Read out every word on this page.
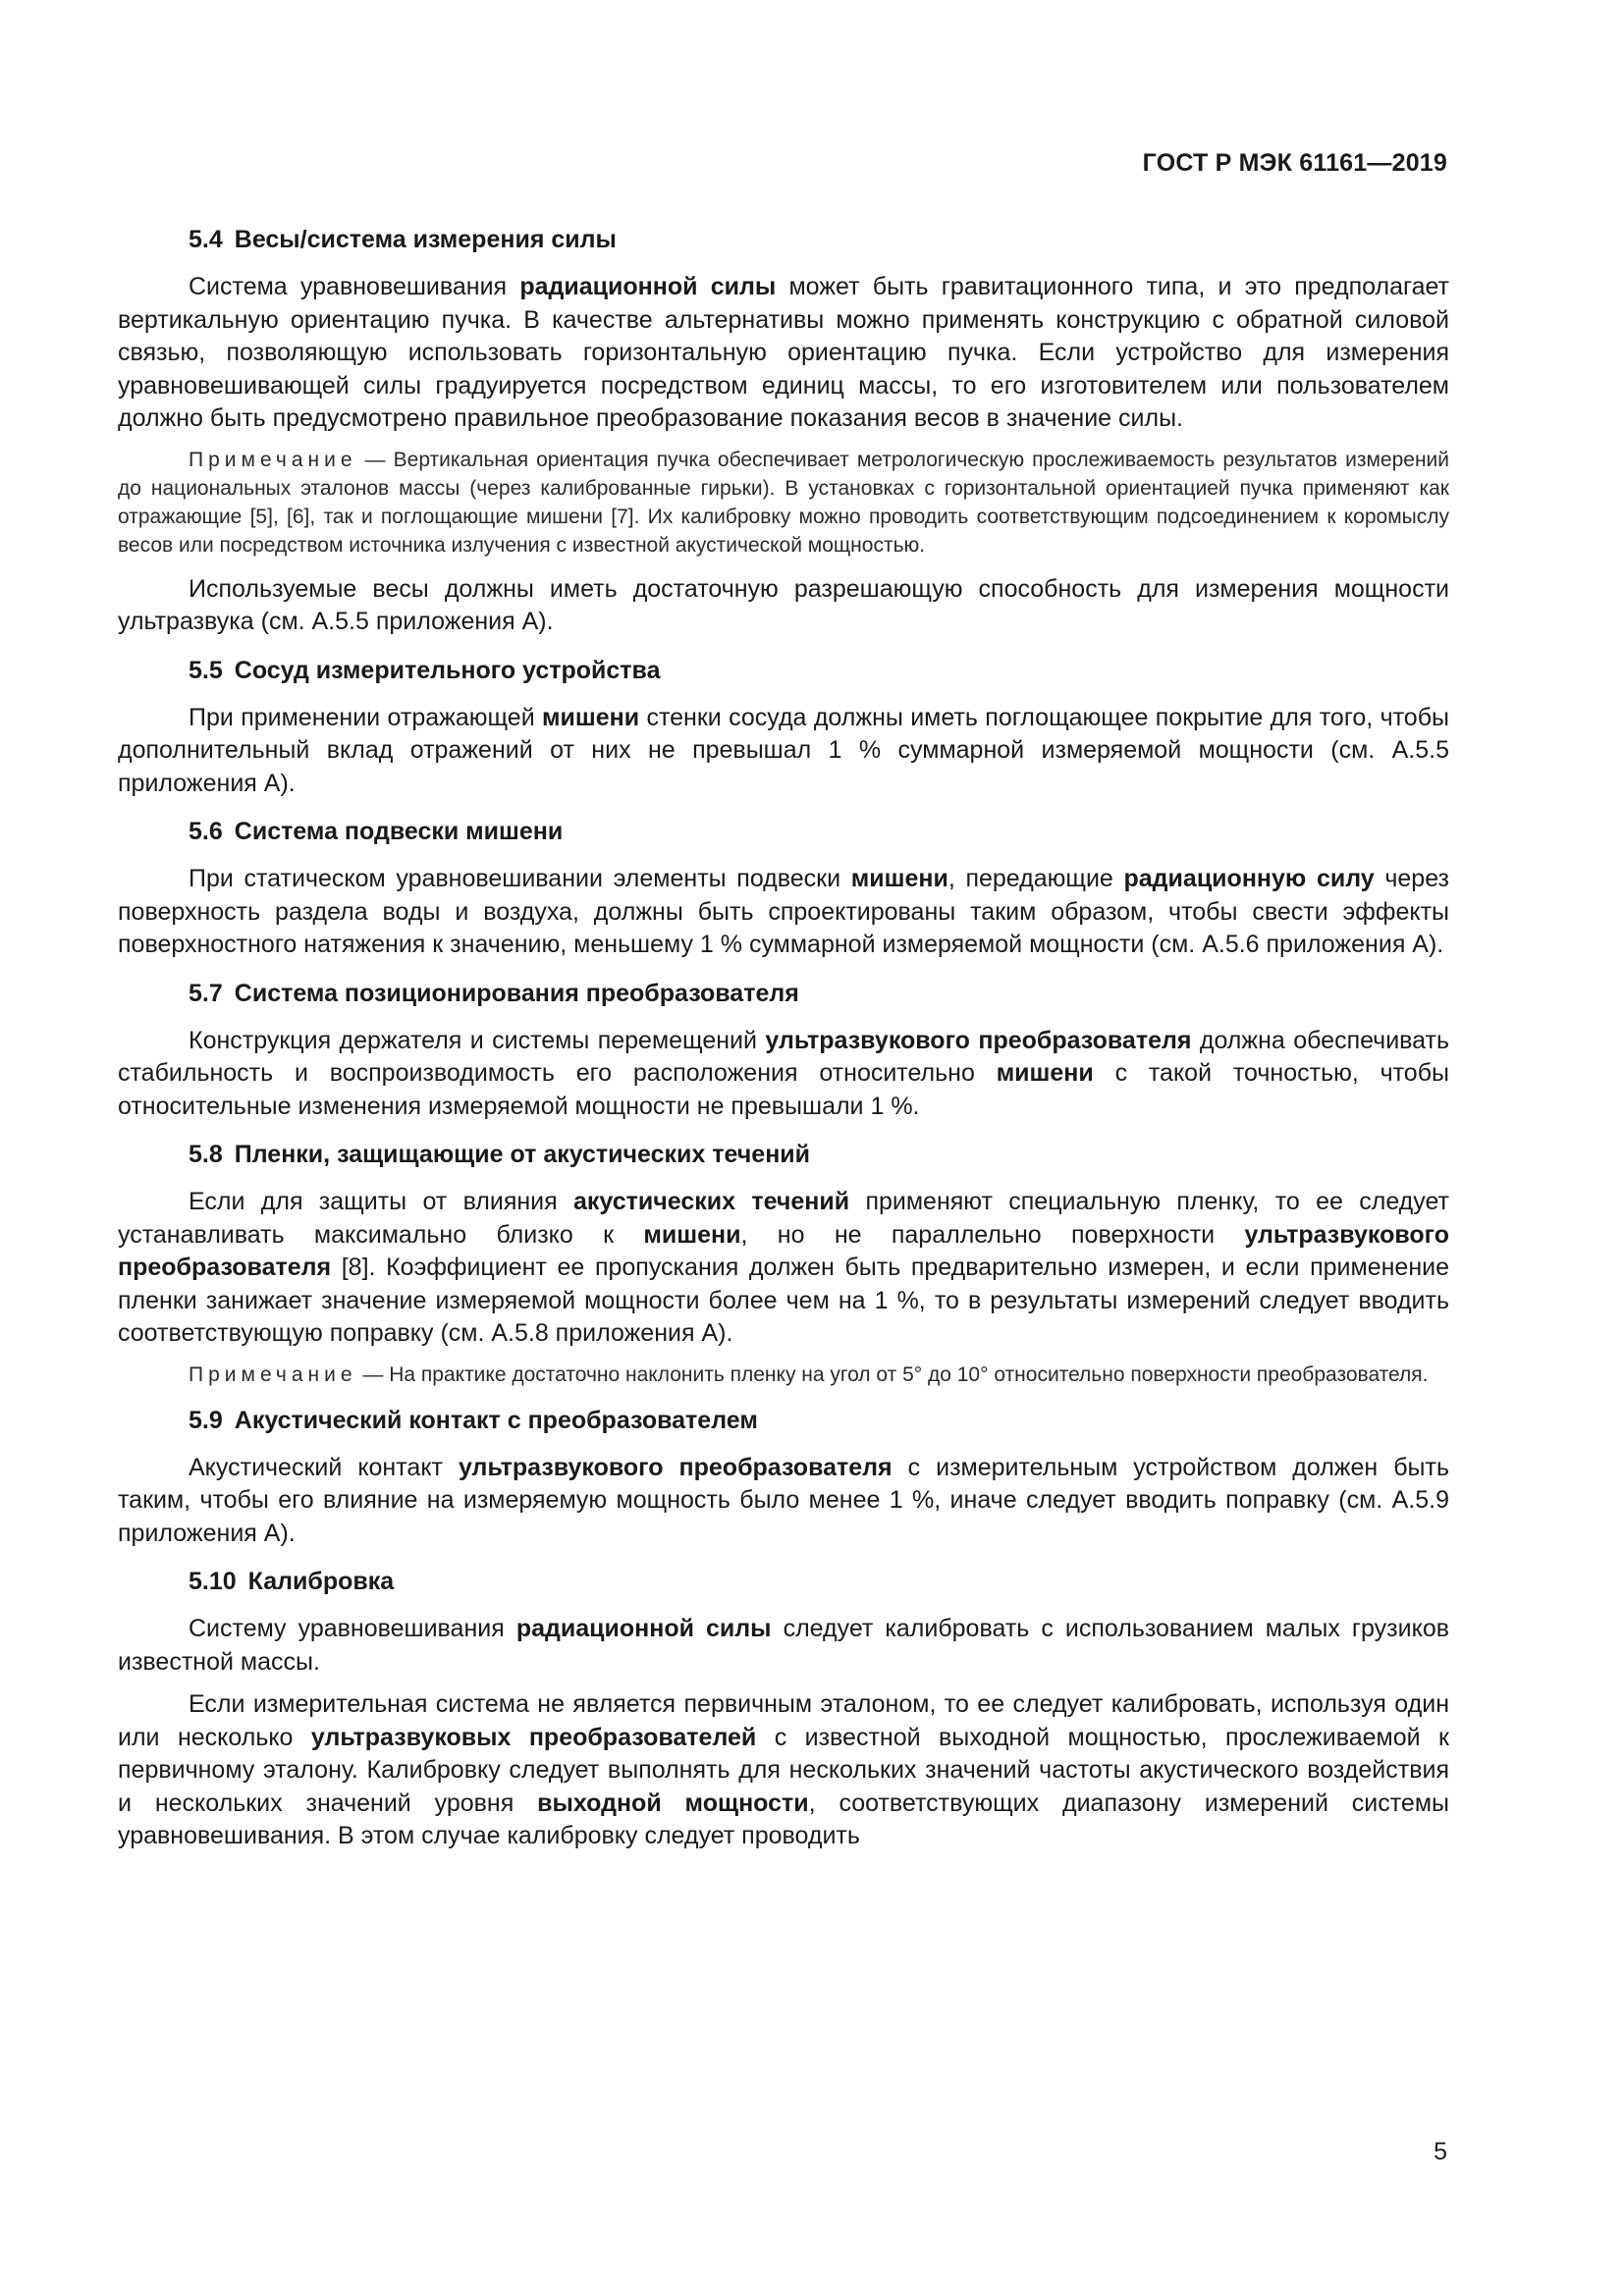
ГОСТ Р МЭК 61161—2019
5.4 Весы/система измерения силы

Система уравновешивания радиационной силы может быть гравитационного типа, и это предполагает вертикальную ориентацию пучка. В качестве альтернативы можно применять конструкцию с обратной силовой связью, позволяющую использовать горизонтальную ориентацию пучка. Если устройство для измерения уравновешивающей силы градуируется посредством единиц массы, то его изготовителем или пользователем должно быть предусмотрено правильное преобразование показания весов в значение силы.

Примечание — Вертикальная ориентация пучка обеспечивает метрологическую прослеживаемость результатов измерений до национальных эталонов массы (через калиброванные гирьки). В установках с горизонтальной ориентацией пучка применяют как отражающие [5], [6], так и поглощающие мишени [7]. Их калибровку можно проводить соответствующим подсоединением к коромыслу весов или посредством источника излучения с известной акустической мощностью.

Используемые весы должны иметь достаточную разрешающую способность для измерения мощности ультразвука (см. А.5.5 приложения А).

5.5 Сосуд измерительного устройства

При применении отражающей мишени стенки сосуда должны иметь поглощающее покрытие для того, чтобы дополнительный вклад отражений от них не превышал 1 % суммарной измеряемой мощности (см. А.5.5 приложения А).

5.6 Система подвески мишени

При статическом уравновешивании элементы подвески мишени, передающие радиационную силу через поверхность раздела воды и воздуха, должны быть спроектированы таким образом, чтобы свести эффекты поверхностного натяжения к значению, меньшему 1 % суммарной измеряемой мощности (см. А.5.6 приложения А).

5.7 Система позиционирования преобразователя

Конструкция держателя и системы перемещений ультразвукового преобразователя должна обеспечивать стабильность и воспроизводимость его расположения относительно мишени с такой точностью, чтобы относительные изменения измеряемой мощности не превышали 1 %.

5.8 Пленки, защищающие от акустических течений

Если для защиты от влияния акустических течений применяют специальную пленку, то ее следует устанавливать максимально близко к мишени, но не параллельно поверхности ультразвукового преобразователя [8]. Коэффициент ее пропускания должен быть предварительно измерен, и если применение пленки занижает значение измеряемой мощности более чем на 1 %, то в результаты измерений следует вводить соответствующую поправку (см. А.5.8 приложения А).

Примечание — На практике достаточно наклонить пленку на угол от 5° до 10° относительно поверхности преобразователя.

5.9 Акустический контакт с преобразователем

Акустический контакт ультразвукового преобразователя с измерительным устройством должен быть таким, чтобы его влияние на измеряемую мощность было менее 1 %, иначе следует вводить поправку (см. А.5.9 приложения А).

5.10 Калибровка

Систему уравновешивания радиационной силы следует калибровать с использованием малых грузиков известной массы.

Если измерительная система не является первичным эталоном, то ее следует калибровать, используя один или несколько ультразвуковых преобразователей с известной выходной мощностью, прослеживаемой к первичному эталону. Калибровку следует выполнять для нескольких значений частоты акустического воздействия и нескольких значений уровня выходной мощности, соответствующих диапазону измерений системы уравновешивания. В этом случае калибровку следует проводить

5
